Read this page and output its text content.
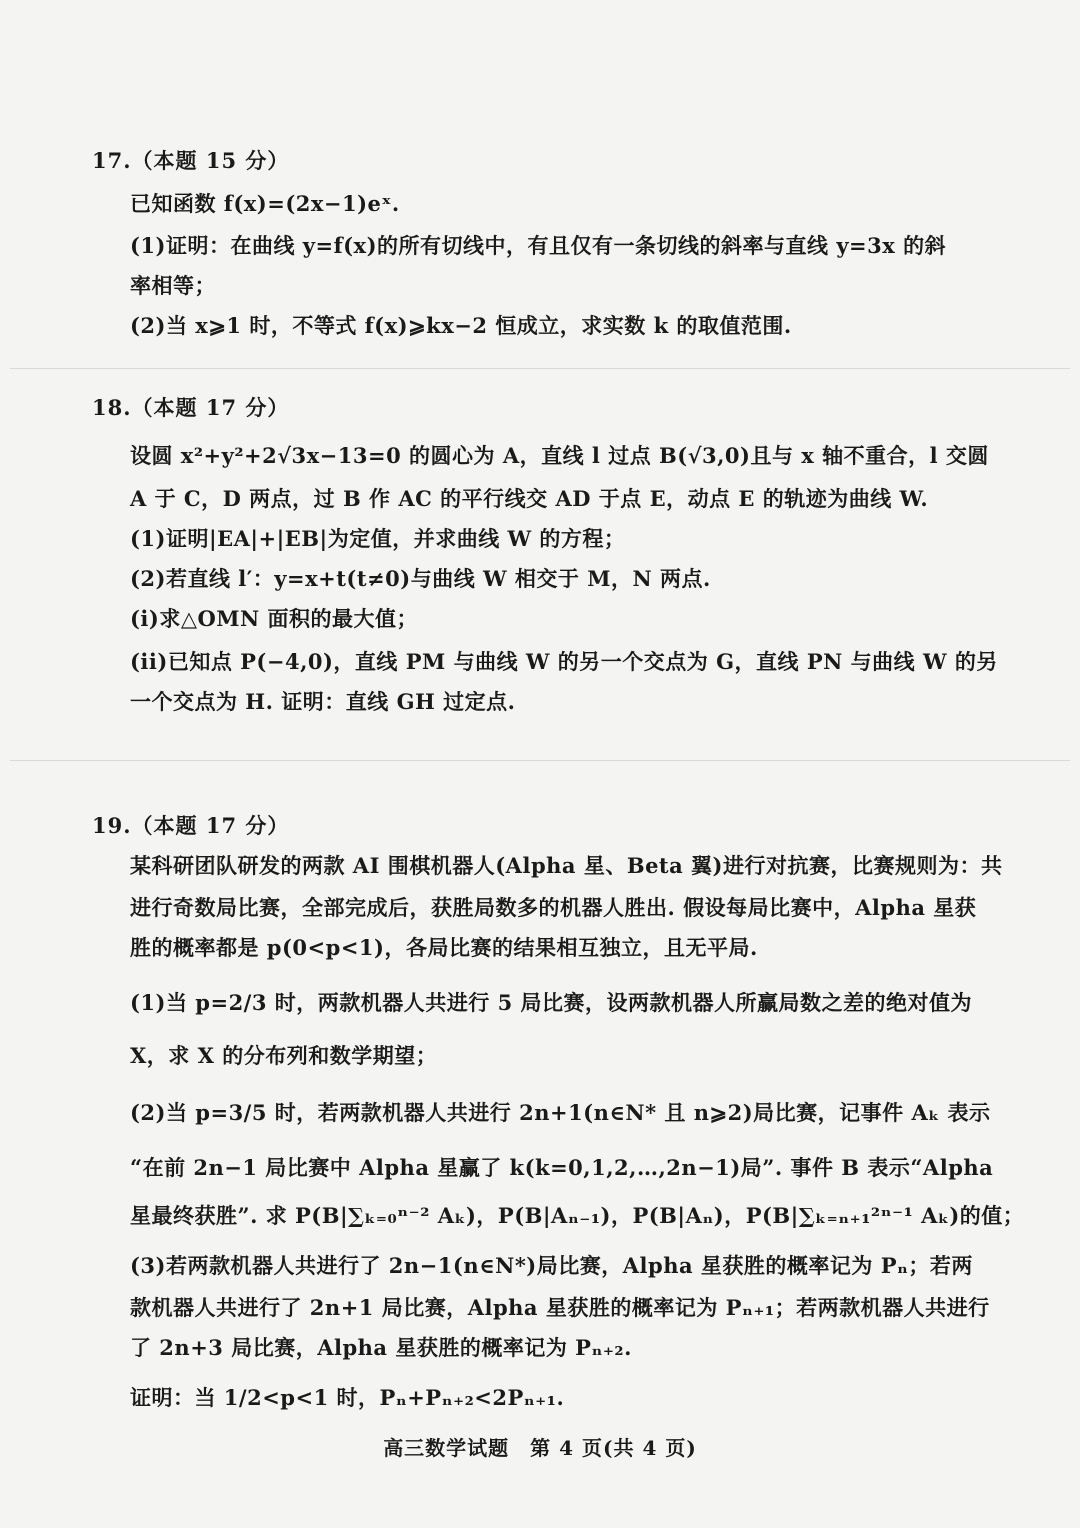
17.（本题 15 分）
已知函数 f(x)=(2x−1)eˣ.
(1)证明：在曲线 y=f(x)的所有切线中，有且仅有一条切线的斜率与直线 y=3x 的斜
率相等；
(2)当 x⩾1 时，不等式 f(x)⩾kx−2 恒成立，求实数 k 的取值范围.
18.（本题 17 分）
设圆 x²+y²+2√3x−13=0 的圆心为 A，直线 l 过点 B(√3,0)且与 x 轴不重合，l 交圆
A 于 C，D 两点，过 B 作 AC 的平行线交 AD 于点 E，动点 E 的轨迹为曲线 W.
(1)证明|EA|+|EB|为定值，并求曲线 W 的方程；
(2)若直线 l′：y=x+t(t≠0)与曲线 W 相交于 M，N 两点.
(i)求△OMN 面积的最大值；
(ii)已知点 P(−4,0)，直线 PM 与曲线 W 的另一个交点为 G，直线 PN 与曲线 W 的另
一个交点为 H. 证明：直线 GH 过定点.
19.（本题 17 分）
某科研团队研发的两款 AI 围棋机器人(Alpha 星、Beta 翼)进行对抗赛，比赛规则为：共
进行奇数局比赛，全部完成后，获胜局数多的机器人胜出. 假设每局比赛中，Alpha 星获
胜的概率都是 p(0<p<1)，各局比赛的结果相互独立，且无平局.
(1)当 p=2/3 时，两款机器人共进行 5 局比赛，设两款机器人所赢局数之差的绝对值为
X，求 X 的分布列和数学期望；
(2)当 p=3/5 时，若两款机器人共进行 2n+1(n∈N* 且 n⩾2)局比赛，记事件 Aₖ 表示
“在前 2n−1 局比赛中 Alpha 星赢了 k(k=0,1,2,…,2n−1)局”. 事件 B 表示“Alpha
星最终获胜”. 求 P(B|∑ₖ₌₀ⁿ⁻² Aₖ)，P(B|Aₙ₋₁)，P(B|Aₙ)，P(B|∑ₖ₌ₙ₊₁²ⁿ⁻¹ Aₖ)的值；
(3)若两款机器人共进行了 2n−1(n∈N*)局比赛，Alpha 星获胜的概率记为 Pₙ；若两
款机器人共进行了 2n+1 局比赛，Alpha 星获胜的概率记为 Pₙ₊₁；若两款机器人共进行
了 2n+3 局比赛，Alpha 星获胜的概率记为 Pₙ₊₂.
证明：当 1/2<p<1 时，Pₙ+Pₙ₊₂<2Pₙ₊₁.
高三数学试题　第 4 页(共 4 页)
